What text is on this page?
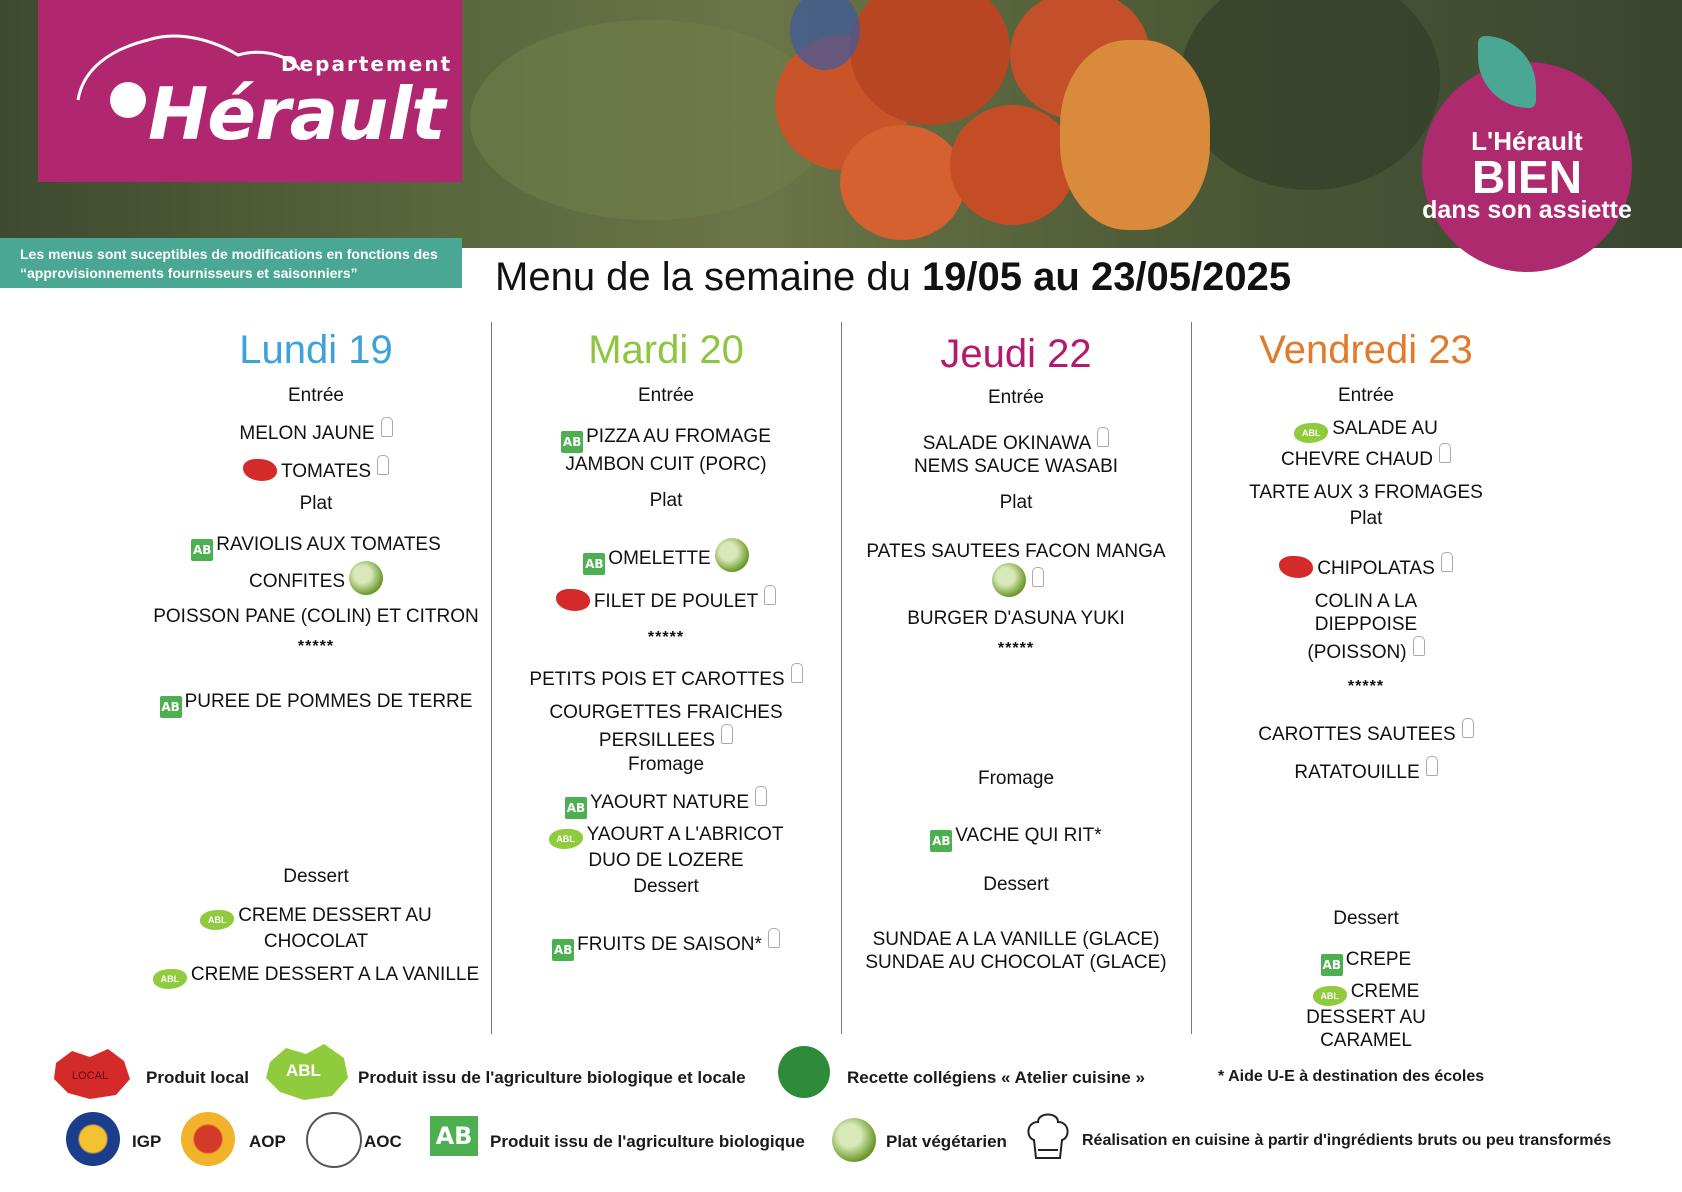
Departement
Hérault
Les menus sont suceptibles de modifications en fonctions des “approvisionnements fournisseurs et saisonniers”
L'Hérault
BIEN
dans son assiette
Menu de la semaine du 19/05 au 23/05/2025
Lundi 19
Entrée
MELON JAUNE
TOMATES
Plat
AB RAVIOLIS AUX TOMATES CONFITES
POISSON PANE (COLIN) ET CITRON
*****
AB PUREE DE POMMES DE TERRE
Dessert
ABL CREME DESSERT AU CHOCOLAT
ABL CREME DESSERT A LA VANILLE
Mardi 20
Entrée
AB PIZZA AU FROMAGE
JAMBON CUIT (PORC)
Plat
AB OMELETTE
FILET DE POULET
*****
PETITS POIS ET CAROTTES
COURGETTES FRAICHES PERSILLEES
Fromage
AB YAOURT NATURE
ABL YAOURT A L'ABRICOT DUO DE LOZERE
Dessert
AB FRUITS DE SAISON*
Jeudi 22
Entrée
SALADE OKINAWA
NEMS SAUCE WASABI
Plat
PATES SAUTEES FACON MANGA
BURGER D'ASUNA YUKI
*****
Fromage
AB VACHE QUI RIT*
Dessert
SUNDAE A LA VANILLE (GLACE)
SUNDAE AU CHOCOLAT (GLACE)
Vendredi 23
Entrée
ABL SALADE AU CHEVRE CHAUD
TARTE AUX 3 FROMAGES
Plat
CHIPOLATAS
COLIN A LA DIEPPOISE (POISSON)
*****
CAROTTES SAUTEES
RATATOUILLE
Dessert
AB CREPE
ABL CREME DESSERT AU CARAMEL
LOCAL Produit local ABL Produit issu de l'agriculture biologique et locale	Recette collégiens « Atelier cuisine »	* Aide U-E à destination des écoles
IGP	AOP	AOC AB	Produit issu de l'agriculture biologique	Plat végétarien	Réalisation en cuisine à partir d'ingrédients bruts ou peu transformés
